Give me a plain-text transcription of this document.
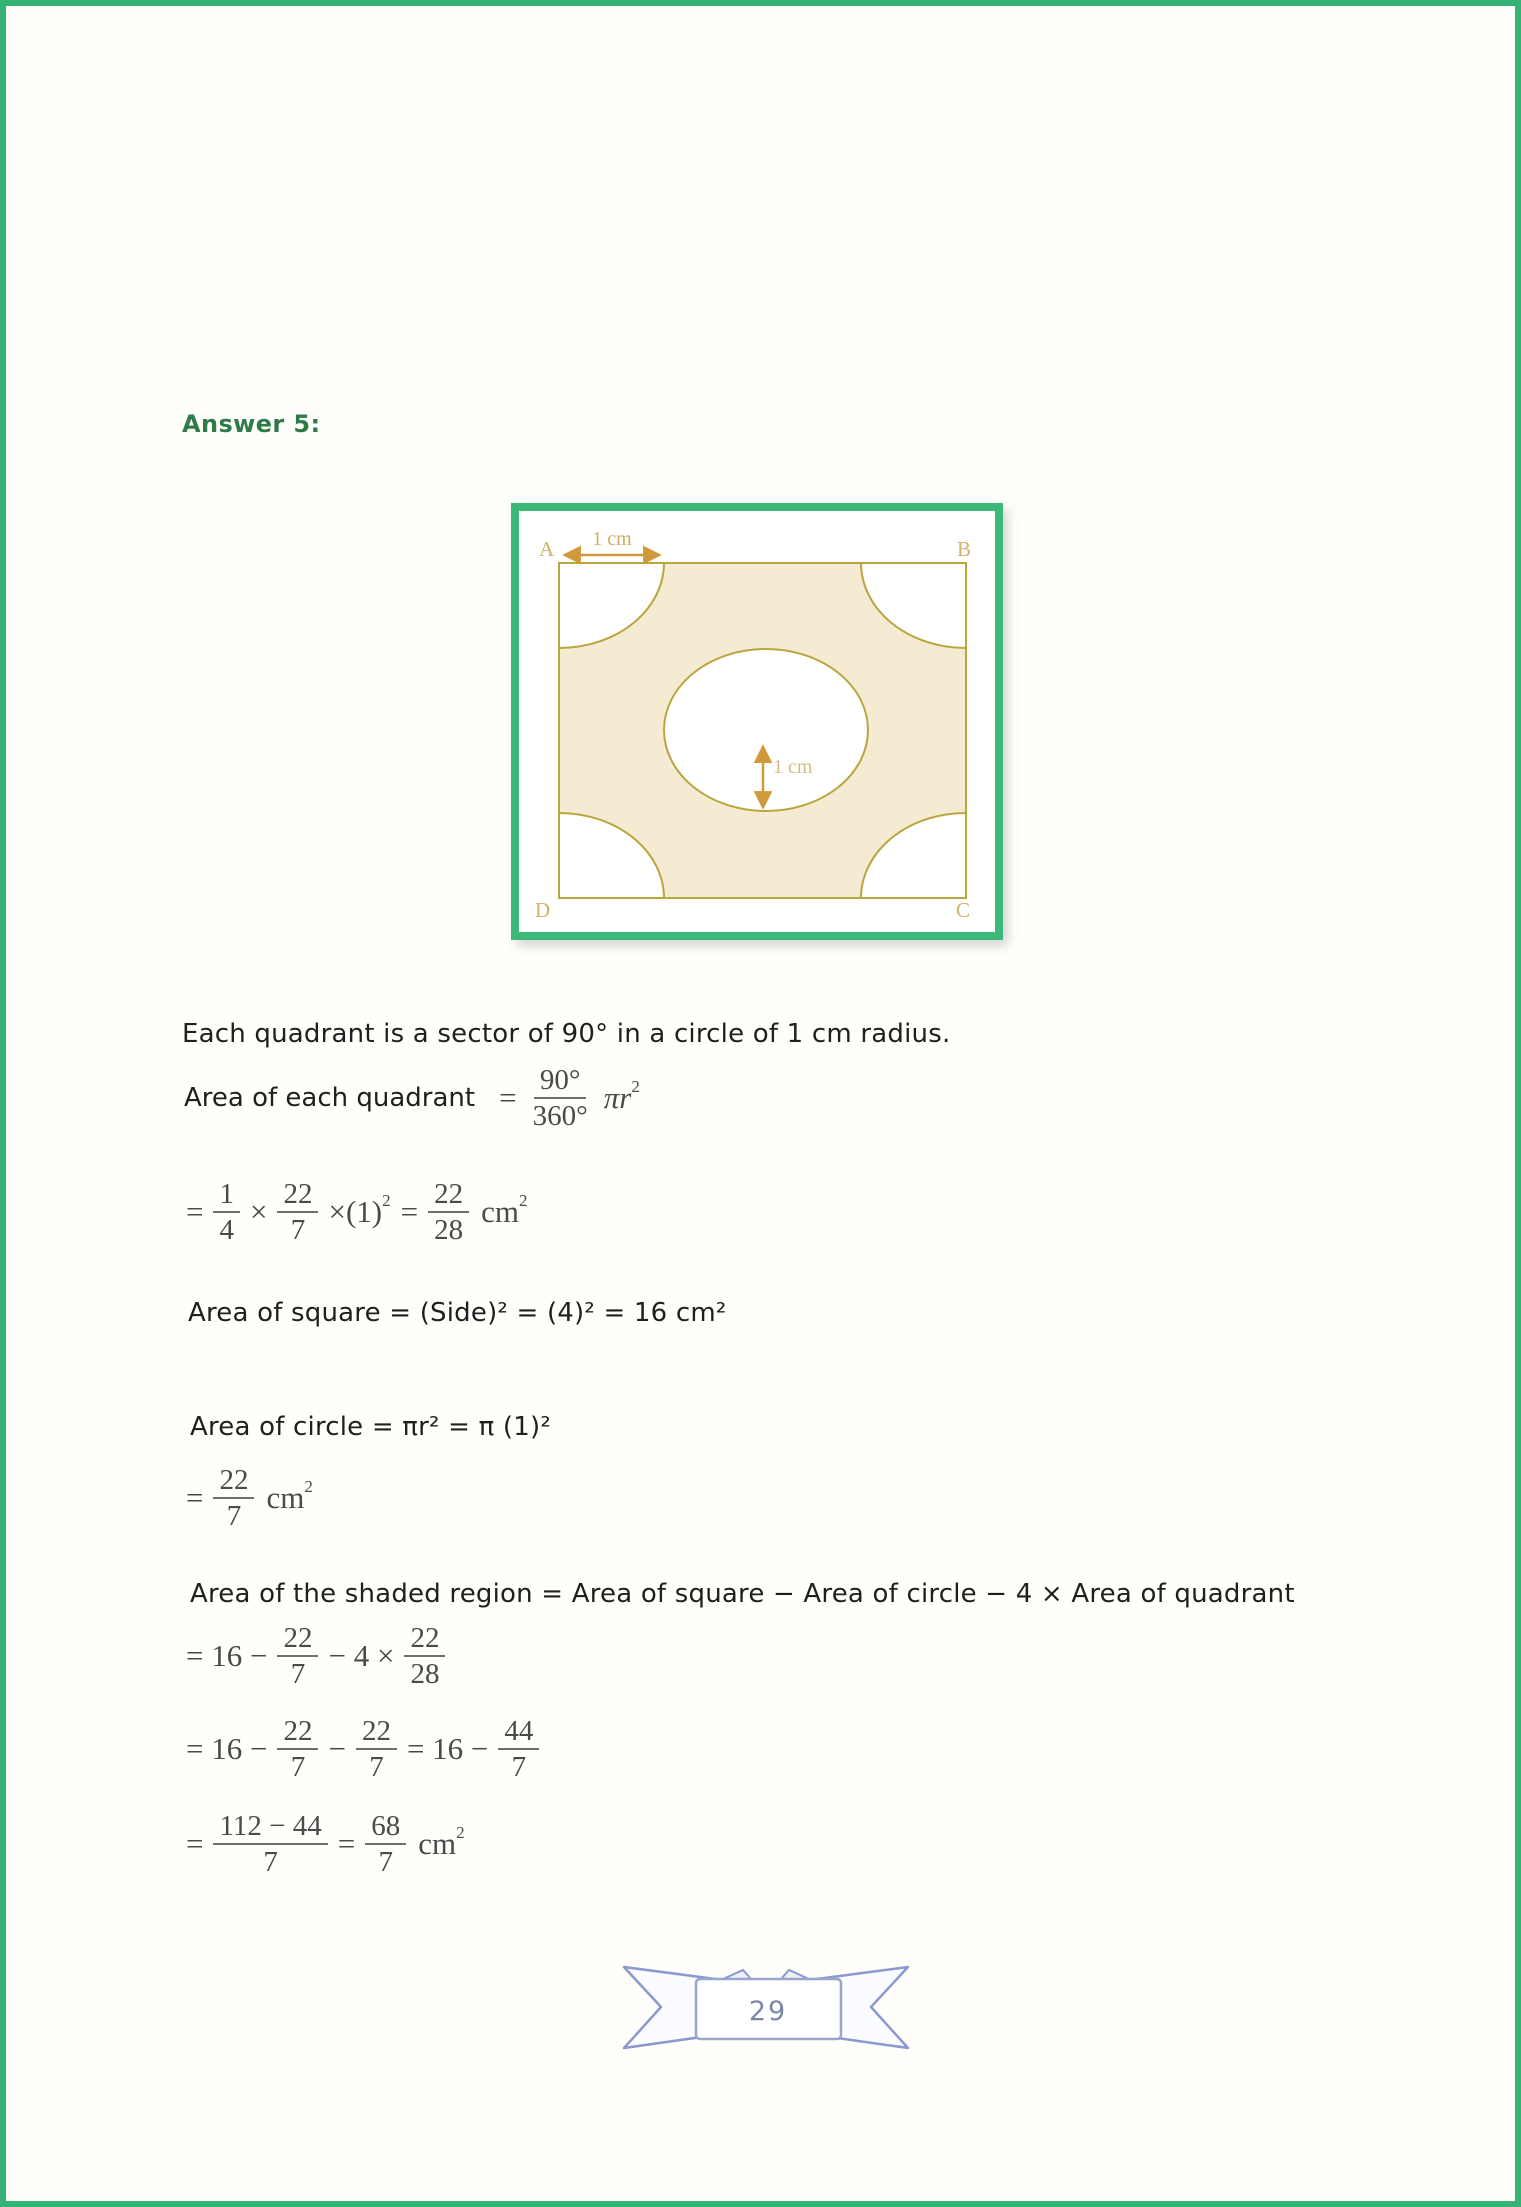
Answer 5:
1 cm
1 cm
A	B
D	C
Each quadrant is a sector of 90° in a circle of 1 cm radius.
Area of each quadrant = $\frac{90^\circ}{360^\circ} \pi r^2$
= $\frac{1}{4} \times \frac{22}{7} \times(1)^2 = \frac{22}{28} cm^2$
Area of square = (Side)² = (4)² = 16 cm²
Area of circle = πr² = π (1)²
= $\frac{22}{7} cm^2$
Area of the shaded region = Area of square − Area of circle − 4 × Area of quadrant
= $16 - \frac{22}{7} - 4 \times \frac{22}{28}$
= $16 - \frac{22}{7} - \frac{22}{7} = 16 - \frac{44}{7}$
= $\frac{112 - 44}{7} = \frac{68}{7} cm^2$
29
